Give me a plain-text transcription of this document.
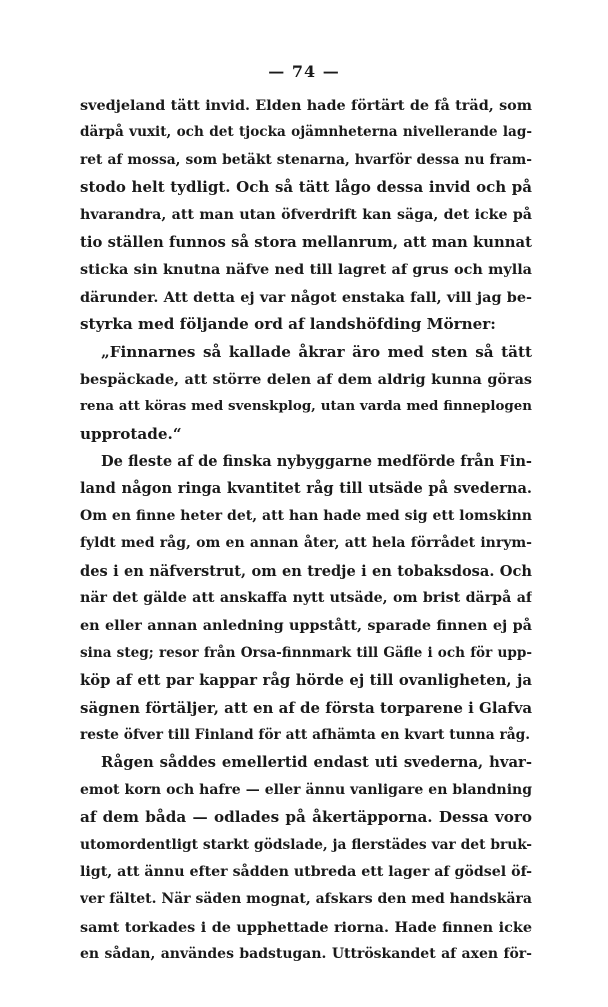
— 74 —
svedjeland tätt invid. Elden hade förtärt de få träd, som
därpå vuxit, och det tjocka ojämnheterna nivellerande lag-
ret af mossa, som betäkt stenarna, hvarför dessa nu fram-
stodo helt tydligt. Och så tätt lågo dessa invid och på
hvarandra, att man utan öfverdrift kan säga, det icke på
tio ställen funnos så stora mellanrum, att man kunnat
sticka sin knutna näfve ned till lagret af grus och mylla
därunder. Att detta ej var något enstaka fall, vill jag be-
styrka med följande ord af landshöfding Mörner:
„Finnarnes så kallade åkrar äro med sten så tätt
bespäckade, att större delen af dem aldrig kunna göras
rena att köras med svenskplog, utan varda med finneplogen
upprotade.“
De fleste af de finska nybyggarne medförde från Fin-
land någon ringa kvantitet råg till utsäde på svederna.
Om en finne heter det, att han hade med sig ett lomskinn
fyldt med råg, om en annan åter, att hela förrådet inrym-
des i en näfverstrut, om en tredje i en tobaksdosa. Och
när det gälde att anskaffa nytt utsäde, om brist därpå af
en eller annan anledning uppstått, sparade finnen ej på
sina steg; resor från Orsa-finnmark till Gäfle i och för upp-
köp af ett par kappar råg hörde ej till ovanligheten, ja
sägnen förtäljer, att en af de första torparene i Glafva
reste öfver till Finland för att afhämta en kvart tunna råg.
Rågen såddes emellertid endast uti svederna, hvar-
emot korn och hafre — eller ännu vanligare en blandning
af dem båda — odlades på åkertäpporna. Dessa voro
utomordentligt starkt gödslade, ja flerstädes var det bruk-
ligt, att ännu efter sådden utbreda ett lager af gödsel öf-
ver fältet. När säden mognat, afskars den med handskära
samt torkades i de upphettade riorna. Hade finnen icke
en sådan, användes badstugan. Uttröskandet af axen för-
